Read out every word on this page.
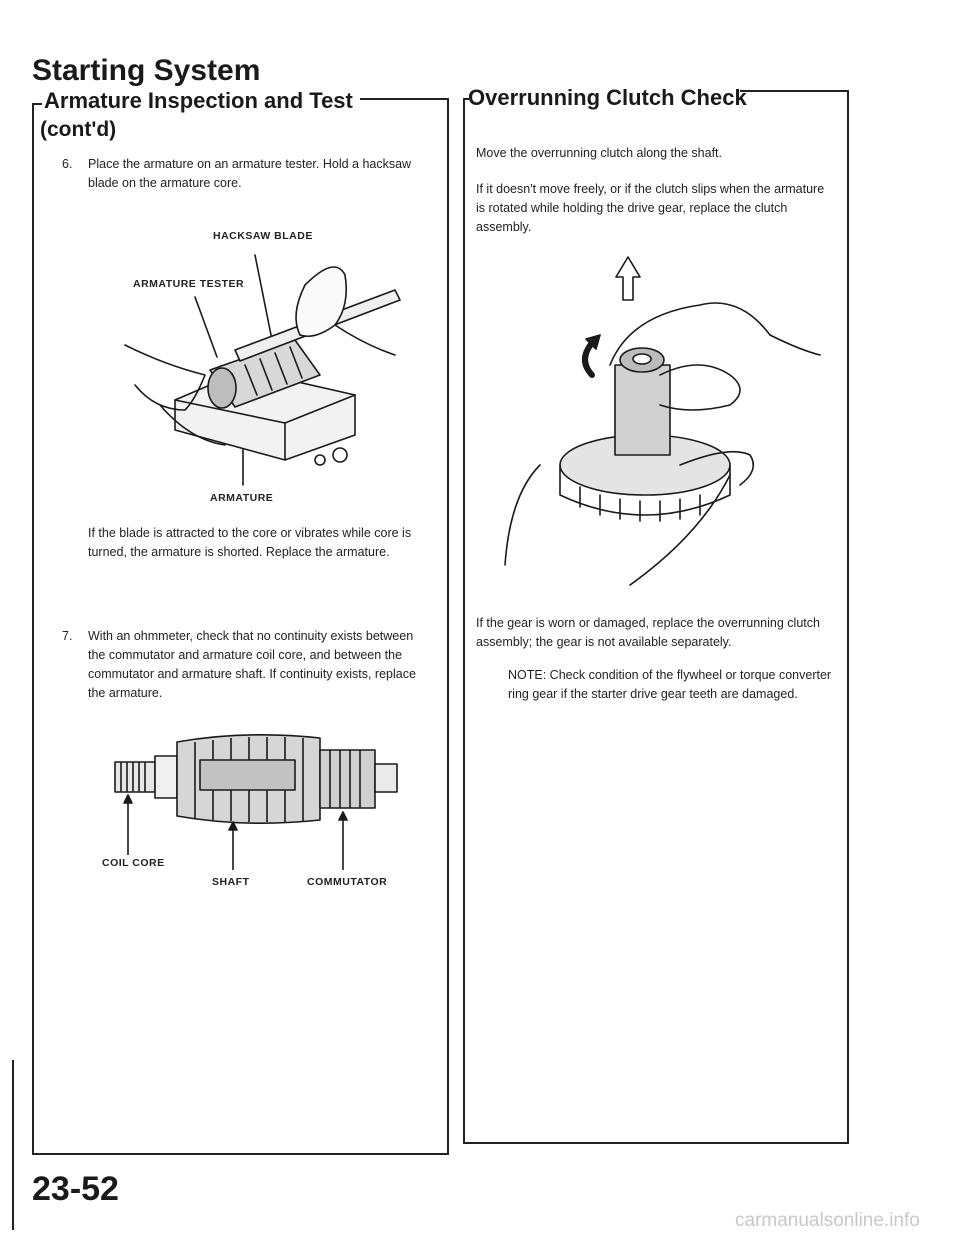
Starting System
Armature Inspection and Test
(cont'd)
6. Place the armature on an armature tester. Hold a hacksaw blade on the armature core.
HACKSAW BLADE
ARMATURE TESTER
ARMATURE
If the blade is attracted to the core or vibrates while core is turned, the armature is shorted. Replace the armature.
7. With an ohmmeter, check that no continuity exists between the commutator and armature coil core, and between the commutator and armature shaft. If continuity exists, replace the armature.
COIL CORE
SHAFT	COMMUTATOR
Overrunning Clutch Check
Move the overrunning clutch along the shaft.
If it doesn't move freely, or if the clutch slips when the armature is rotated while holding the drive gear, replace the clutch assembly.
If the gear is worn or damaged, replace the overrunning clutch assembly; the gear is not available separately.
NOTE: Check condition of the flywheel or torque converter ring gear if the starter drive gear teeth are damaged.
23-52
carmanualsonline.info
